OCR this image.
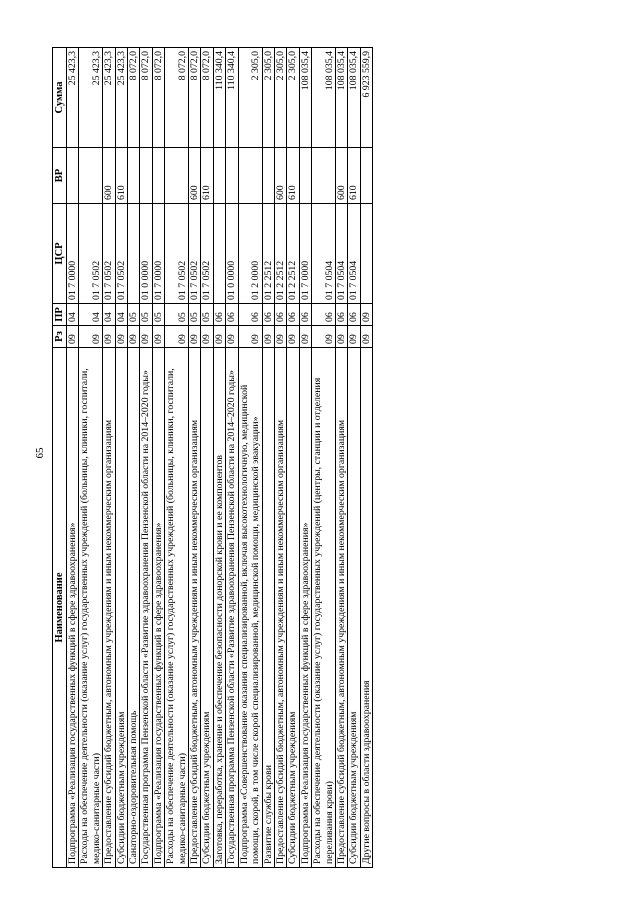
65
Наименование	Рз	ПР	ЦСР	ВР	Сумма
Подпрограмма «Реализация государственных функций в сфере здравоохранения»	09	04	01 7 0000		25 423,3
Расходы на обеспечение деятельности (оказание услуг) государственных учреждений (больницы, клиники, госпитали, медико-санитарные части)	09	04	01 7 0502		25 423,3
Предоставление субсидий бюджетным, автономным учреждениям и иным некоммерческим организациям	09	04	01 7 0502	600	25 423,3
Субсидии бюджетным учреждениям	09	04	01 7 0502	610	25 423,3
Санаторно-оздоровительная помощь	09	05			8 072,0
Государственная программа Пензенской области «Развитие здравоохранения Пензенской области на 2014–2020 годы»	09	05	01 0 0000		8 072,0
Подпрограмма «Реализация государственных функций в сфере здравоохранения»	09	05	01 7 0000		8 072,0
Расходы на обеспечение деятельности (оказание услуг) государственных учреждений (больницы, клиники, госпитали, медико-санитарные части)	09	05	01 7 0502		8 072,0
Предоставление субсидий бюджетным, автономным учреждениям и иным некоммерческим организациям	09	05	01 7 0502	600	8 072,0
Субсидии бюджетным учреждениям	09	05	01 7 0502	610	8 072,0
Заготовка, переработка, хранение и обеспечение безопасности донорской крови и ее компонентов	09	06			110 340,4
Государственная программа Пензенской области «Развитие здравоохранения Пензенской области на 2014–2020 годы»	09	06	01 0 0000		110 340,4
Подпрограмма «Совершенствование оказания специализированной, включая высокотехнологичную, медицинской помощи, скорой, в том числе скорой специализированной, медицинской помощи, медицинской эвакуации»	09	06	01 2 0000		2 305,0
Развитие службы крови	09	06	01 2 2512		2 305,0
Предоставление субсидий бюджетным, автономным учреждениям и иным некоммерческим организациям	09	06	01 2 2512	600	2 305,0
Субсидии бюджетным учреждениям	09	06	01 2 2512	610	2 305,0
Подпрограмма «Реализация государственных функций в сфере здравоохранения»	09	06	01 7 0000		108 035,4
Расходы на обеспечение деятельности (оказание услуг) государственных учреждений (центры, станции и отделения переливания крови)	09	06	01 7 0504		108 035,4
Предоставление субсидий бюджетным, автономным учреждениям и иным некоммерческим организациям	09	06	01 7 0504	600	108 035,4
Субсидии бюджетным учреждениям	09	06	01 7 0504	610	108 035,4
Другие вопросы в области здравоохранения	09	09			6 923 559,9
